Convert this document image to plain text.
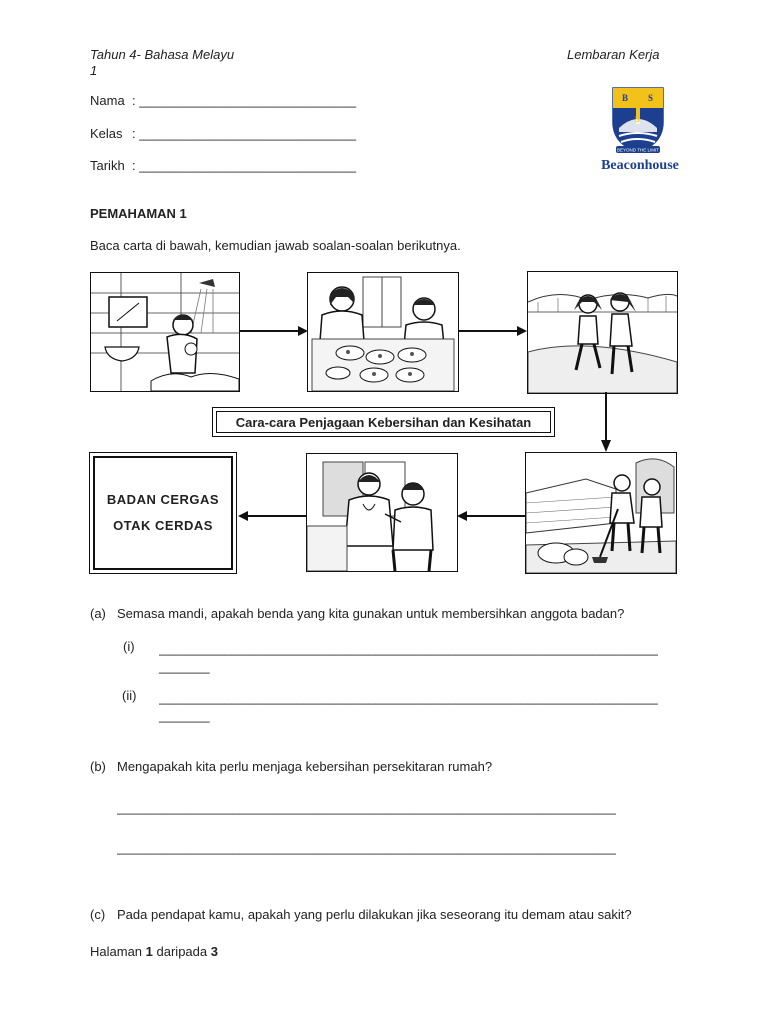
Tahun 4- Bahasa Melayu
1
Lembaran Kerja
Nama : ______________________________
Kelas : ______________________________
Tarikh : ______________________________
B S
S
BEYOND THE LIMIT
Beaconhouse
PEMAHAMAN 1
Baca carta di bawah, kemudian jawab soalan-soalan berikutnya.
Cara-cara Penjagaan Kebersihan dan Kesihatan
BADAN CERGAS
OTAK CERDAS
(a) Semasa mandi, apakah benda yang kita gunakan untuk membersihkan anggota badan?
(i) _____________________________________________________________________
_______
(ii) _____________________________________________________________________
_______
(b) Mengapakah kita perlu menjaga kebersihan persekitaran rumah?
_____________________________________________________________________
_____________________________________________________________________
(c) Pada pendapat kamu, apakah yang perlu dilakukan jika seseorang itu demam atau sakit?
Halaman 1 daripada 3
